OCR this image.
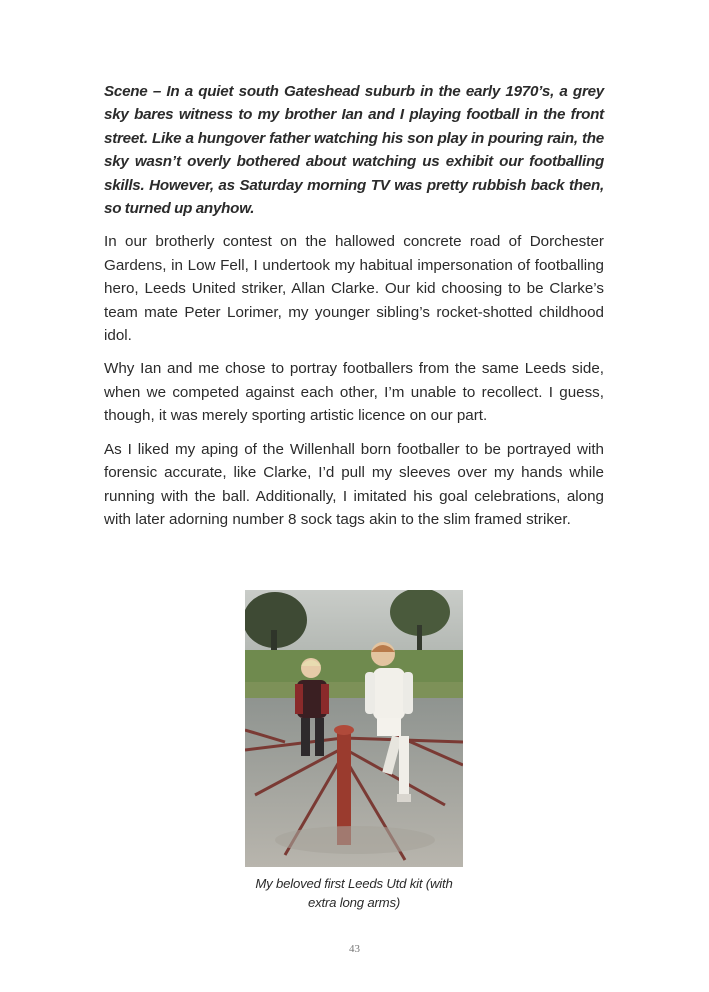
Scene – In a quiet south Gateshead suburb in the early 1970’s, a grey sky bares witness to my brother Ian and I playing football in the front street. Like a hungover father watching his son play in pouring rain, the sky wasn’t overly bothered about watching us exhibit our footballing skills. However, as Saturday morning TV was pretty rubbish back then, so turned up anyhow.

In our brotherly contest on the hallowed concrete road of Dorchester Gardens, in Low Fell, I undertook my habitual impersonation of footballing hero, Leeds United striker, Allan Clarke. Our kid choosing to be Clarke’s team mate Peter Lorimer, my younger sibling’s rocket-shotted childhood idol.

Why Ian and me chose to portray footballers from the same Leeds side, when we competed against each other, I’m unable to recollect. I guess, though, it was merely sporting artistic licence on our part.

As I liked my aping of the Willenhall born footballer to be portrayed with forensic accurate, like Clarke, I’d pull my sleeves over my hands while running with the ball. Additionally, I imitated his goal celebrations, along with later adorning number 8 sock tags akin to the slim framed striker.

My beloved first Leeds Utd kit (with
extra long arms)
43
